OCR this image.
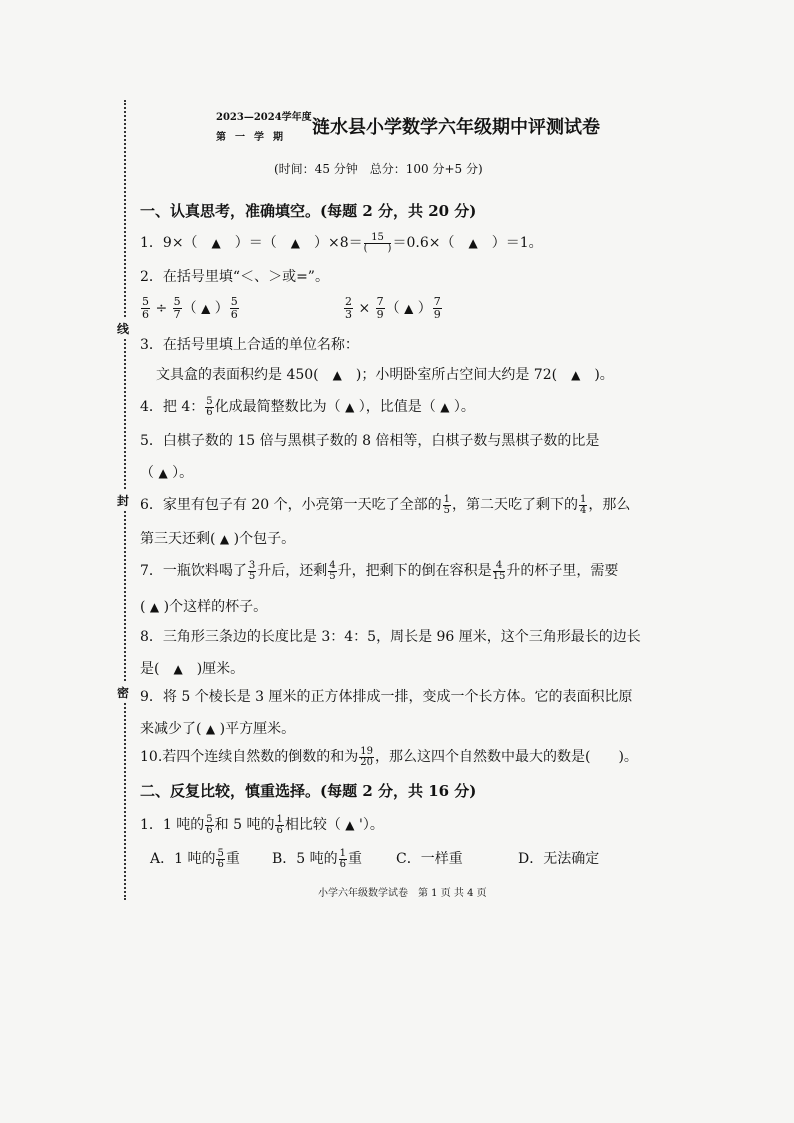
线
封
密
2023—2024学年度
第一学期 涟水县小学数学六年级期中评测试卷
(时间：45 分钟　总分：100 分+5 分)
一、认真思考，准确填空。(每题 2 分，共 20 分)
1．9×（　 ▲　 ）＝（　 ▲　 ）$\times 8= \frac{15}{( )} =0.6\times$（　 ▲　 ）＝1。
2．在括号里填“＜、＞或=”。
$\frac{5}{6} \div \frac{5}{7}$ （ ▲ ） $\frac{5}{6}$	$\frac{2}{3} \times \frac{7}{9}$ （ ▲ ） $\frac{7}{9}$
3．在括号里填上合适的单位名称：
文具盒的表面积约是 450(　 ▲　 )；小明卧室所占空间大约是 72(　 ▲　 )。
4．把 4： $\frac{5}{6}$ 化成最简整数比为（ ▲ ），比值是（ ▲ ）。
5．白棋子数的 15 倍与黑棋子数的 8 倍相等，白棋子数与黑棋子数的比是
（ ▲ ）。
6．家里有包子有 20 个，小亮第一天吃了全部的 $\frac{1}{5}$ ，第二天吃了剩下的 $\frac{1}{4}$ ，那么
第三天还剩( ▲ )个包子。
7．一瓶饮料喝了 $\frac{3}{5}$ 升后，还剩 $\frac{4}{5}$ 升，把剩下的倒在容积是 $\frac{4}{15}$ 升的杯子里，需要
( ▲ )个这样的杯子。
8．三角形三条边的长度比是 3：4：5，周长是 96 厘米，这个三角形最长的边长
是(　 ▲　 )厘米。
9．将 5 个棱长是 3 厘米的正方体排成一排，变成一个长方体。它的表面积比原
来减少了( ▲ )平方厘米。
10.若四个连续自然数的倒数的和为 $\frac{19}{20}$ ，那么这四个自然数中最大的数是(　　)。
二、反复比较，慎重选择。(每题 2 分，共 16 分)
1．1 吨的 $\frac{5}{6}$ 和 5 吨的 $\frac{1}{6}$ 相比较（ ▲ '）。
A．1 吨的 $\frac{5}{6}$ 重 B．5 吨的 $\frac{1}{6}$ 重 C．一样重	D．无法确定
小学六年级数学试卷　第 1 页 共 4 页
